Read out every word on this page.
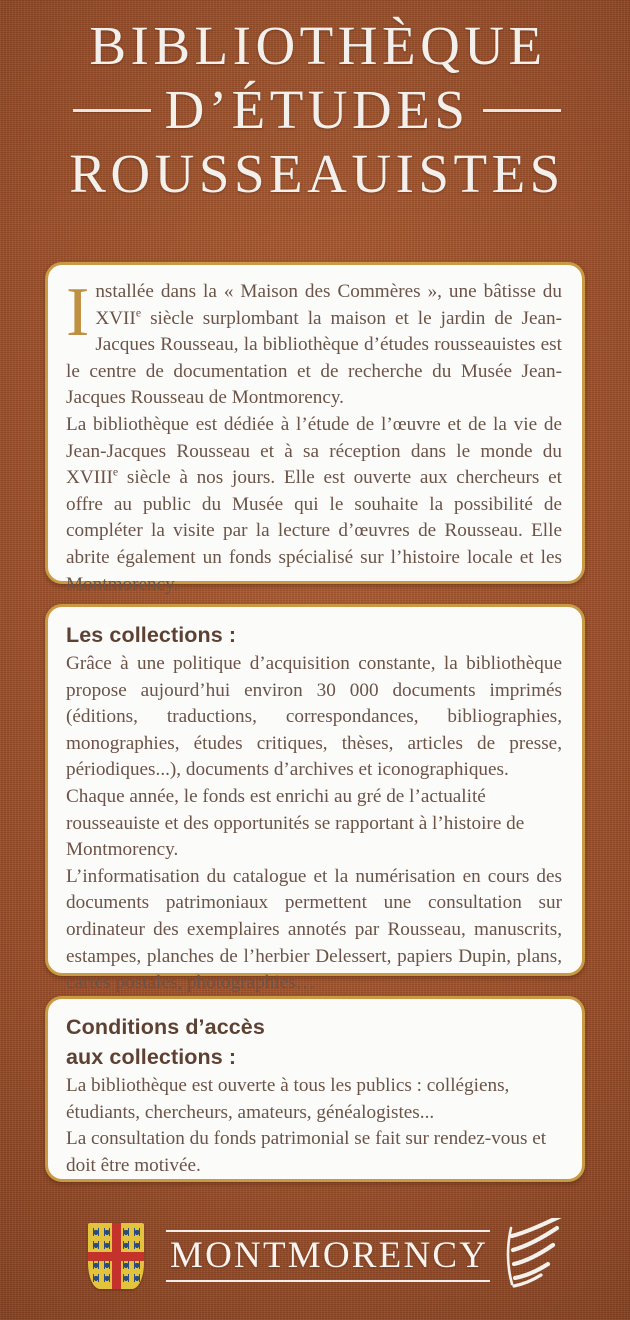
BIBLIOTHÈQUE
D’ÉTUDES
ROUSSEAUISTES

Installée dans la « Maison des Commères », une bâtisse du XVIIe siècle surplombant la maison et le jardin de Jean-Jacques Rousseau, la bibliothèque d’études rousseauistes est le centre de documentation et de recherche du Musée Jean-Jacques Rousseau de Montmorency.

La bibliothèque est dédiée à l’étude de l’œuvre et de la vie de Jean-Jacques Rousseau et à sa réception dans le monde du XVIIIe siècle à nos jours. Elle est ouverte aux chercheurs et offre au public du Musée qui le souhaite la possibilité de compléter la visite par la lecture d’œuvres de Rousseau. Elle abrite également un fonds spécialisé sur l’histoire locale et les Montmorency.

Les collections :

Grâce à une politique d’acquisition constante, la bibliothèque propose aujourd’hui environ 30 000 documents imprimés (éditions, traductions, correspondances, bibliographies, monographies, études critiques, thèses, articles de presse, périodiques...), documents d’archives et iconographiques.

Chaque année, le fonds est enrichi au gré de l’actualité rousseauiste et des opportunités se rapportant à l’histoire de Montmorency.

L’informatisation du catalogue et la numérisation en cours des documents patrimoniaux permettent une consultation sur ordinateur des exemplaires annotés par Rousseau, manuscrits, estampes, planches de l’herbier Delessert, papiers Dupin, plans, cartes postales, photographies…

Conditions d’accès
aux collections :

La bibliothèque est ouverte à tous les publics : collégiens, étudiants, chercheurs, amateurs, généalogistes...

La consultation du fonds patrimonial se fait sur rendez-vous et doit être motivée.

MONTMORENCY
